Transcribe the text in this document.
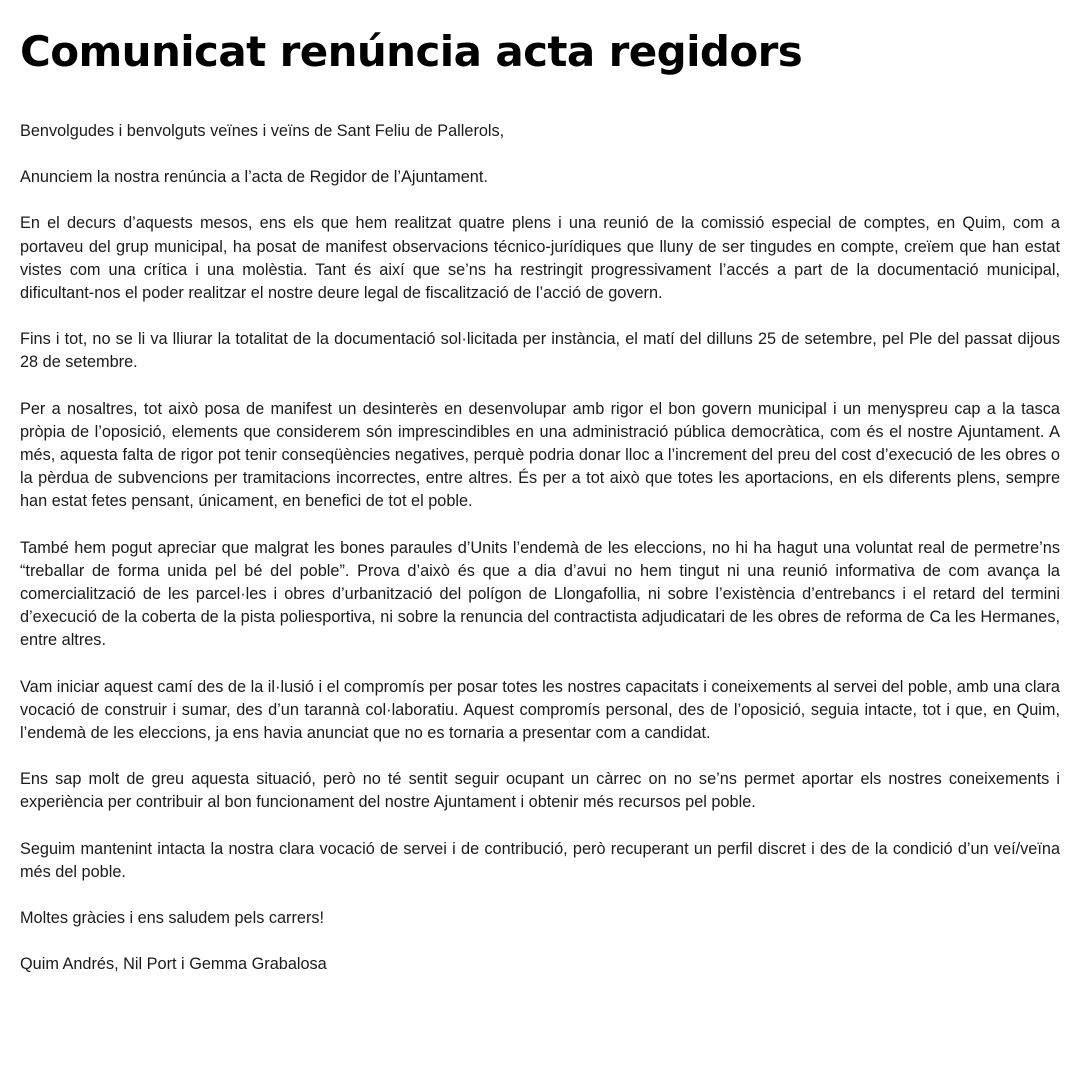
Comunicat renúncia acta regidors

Benvolgudes i benvolguts veïnes i veïns de Sant Feliu de Pallerols,

Anunciem la nostra renúncia a l’acta de Regidor de l’Ajuntament.

En el decurs d’aquests mesos, ens els que hem realitzat quatre plens i una reunió de la comissió especial de comptes, en Quim, com a portaveu del grup municipal, ha posat de manifest observacions técnico-jurídiques que lluny de ser tingudes en compte, creïem que han estat vistes com una crítica i una molèstia. Tant és així que se’ns ha restringit progressivament l’accés a part de la documentació municipal, dificultant-nos el poder realitzar el nostre deure legal de fiscalització de l’acció de govern.

Fins i tot, no se li va lliurar la totalitat de la documentació sol·licitada per instància, el matí del dilluns 25 de setembre, pel Ple del passat dijous 28 de setembre.

Per a nosaltres, tot això posa de manifest un desinterès en desenvolupar amb rigor el bon govern municipal i un menyspreu cap a la tasca pròpia de l’oposició, elements que considerem són imprescindibles en una administració pública democràtica, com és el nostre Ajuntament. A més, aquesta falta de rigor pot tenir conseqüències negatives, perquè podria donar lloc a l’increment del preu del cost d’execució de les obres o la pèrdua de subvencions per tramitacions incorrectes, entre altres. És per a tot això que totes les aportacions, en els diferents plens, sempre han estat fetes pensant, únicament, en benefici de tot el poble.

També hem pogut apreciar que malgrat les bones paraules d’Units l’endemà de les eleccions, no hi ha hagut una voluntat real de permetre’ns “treballar de forma unida pel bé del poble”. Prova d’això és que a dia d’avui no hem tingut ni una reunió informativa de com avança la comercialització de les parcel·les i obres d’urbanització del polígon de Llongafollia, ni sobre l’existència d’entrebancs i el retard del termini d’execució de la coberta de la pista poliesportiva, ni sobre la renuncia del contractista adjudicatari de les obres de reforma de Ca les Hermanes, entre altres.

Vam iniciar aquest camí des de la il·lusió i el compromís per posar totes les nostres capacitats i coneixements al servei del poble, amb una clara vocació de construir i sumar, des d’un tarannà col·laboratiu. Aquest compromís personal, des de l’oposició, seguia intacte, tot i que, en Quim, l’endemà de les eleccions, ja ens havia anunciat que no es tornaria a presentar com a candidat.

Ens sap molt de greu aquesta situació, però no té sentit seguir ocupant un càrrec on no se’ns permet aportar els nostres coneixements i experiència per contribuir al bon funcionament del nostre Ajuntament i obtenir més recursos pel poble.

Seguim mantenint intacta la nostra clara vocació de servei i de contribució, però recuperant un perfil discret i des de la condició d’un veí/veïna més del poble.

Moltes gràcies i ens saludem pels carrers!

Quim Andrés, Nil Port i Gemma Grabalosa
